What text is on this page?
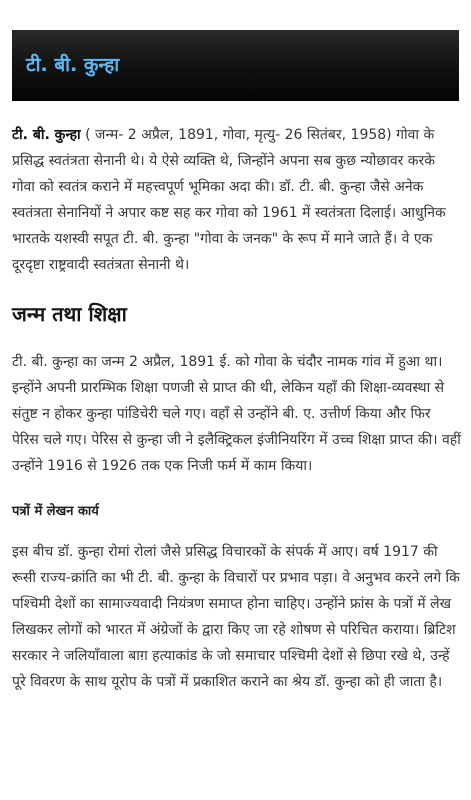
टी. बी. कुन्हा

टी. बी. कुन्हा ( जन्म- 2 अप्रैल, 1891, गोवा, मृत्यु- 26 सितंबर, 1958) गोवा के प्रसिद्ध स्वतंत्रता सेनानी थे। ये ऐसे व्यक्ति थे, जिन्होंने अपना सब कुछ न्योछावर करके गोवा को स्वतंत्र कराने में महत्त्वपूर्ण भूमिका अदा की। डॉ. टी. बी. कुन्हा जैसे अनेक स्वतंत्रता सेनानियों ने अपार कष्ट सह कर गोवा को 1961 में स्वतंत्रता दिलाई। आधुनिक भारतके यशस्वी सपूत टी. बी. कुन्हा "गोवा के जनक" के रूप में माने जाते हैं। वे एक दूरदृष्टा राष्ट्रवादी स्वतंत्रता सेनानी थे।

जन्म तथा शिक्षा

टी. बी. कुन्हा का जन्म 2 अप्रैल, 1891 ई. को गोवा के चंदौर नामक गांव में हुआ था। इन्होंने अपनी प्रारम्भिक शिक्षा पणजी से प्राप्त की थी, लेकिन यहाँ की शिक्षा-व्यवस्था से संतुष्ट न होकर कुन्हा पांडिचेरी चले गए। वहाँ से उन्होंने बी. ए. उत्तीर्ण किया और फिर पेरिस चले गए। पेरिस से कुन्हा जी ने इलैक्ट्रिकल इंजीनियरिंग में उच्च शिक्षा प्राप्त की। वहीं उन्होंने 1916 से 1926 तक एक निजी फर्म में काम किया।

पत्रों में लेखन कार्य

इस बीच डॉ. कुन्हा रोमां रोलां जैसे प्रसिद्ध विचारकों के संपर्क में आए। वर्ष 1917 की रूसी राज्य-क्रांति का भी टी. बी. कुन्हा के विचारों पर प्रभाव पड़ा। वे अनुभव करने लगे कि पश्चिमी देशों का सामाज्यवादी नियंत्रण समाप्त होना चाहिए। उन्होंने फ्रांस के पत्रों में लेख लिखकर लोगों को भारत में अंग्रेजों के द्वारा किए जा रहे शोषण से परिचित कराया। ब्रिटिश सरकार ने जलियाँवाला बाग़ हत्याकांड के जो समाचार पश्चिमी देशों से छिपा रखे थे, उन्हें पूरे विवरण के साथ यूरोप के पत्रों में प्रकाशित कराने का श्रेय डॉ. कुन्हा को ही जाता है।
